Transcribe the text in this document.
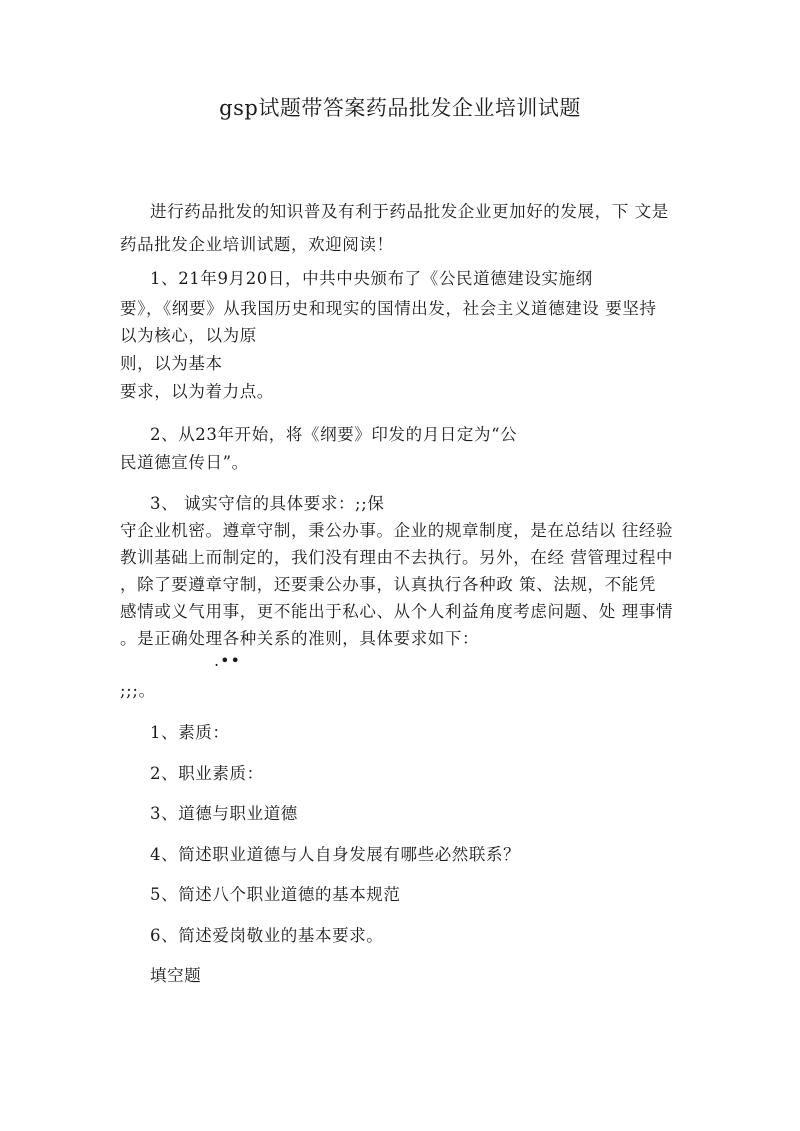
gsp试题带答案药品批发企业培训试题
进行药品批发的知识普及有利于药品批发企业更加好的发展，下 文是
药品批发企业培训试题，欢迎阅读！
1、21年9月20日，中共中央颁布了《公民道德建设实施纲
要》，《纲要》从我国历史和现实的国情出发，社会主义道德建设 要坚持
以为核心，以为原
则，以为基本
要求，以为着力点。
2、从23年开始，将《纲要》印发的月日定为“公
民道德宣传日”。
3、 诚实守信的具体要求：;;保
守企业机密。遵章守制，秉公办事。企业的规章制度，是在总结以 往经验
教训基础上而制定的，我们没有理由不去执行。另外，在经 营管理过程中
，除了要遵章守制，还要秉公办事，认真执行各种政 策、法规，不能凭
感情或义气用事，更不能出于私心、从个人利益角度考虑问题、处 理事情
。是正确处理各种关系的准则，具体要求如下：
.••
;;;。
1、素质：
2、职业素质：
3、道德与职业道德
4、简述职业道德与人自身发展有哪些必然联系？
5、简述八个职业道德的基本规范
6、简述爱岗敬业的基本要求。
填空题
